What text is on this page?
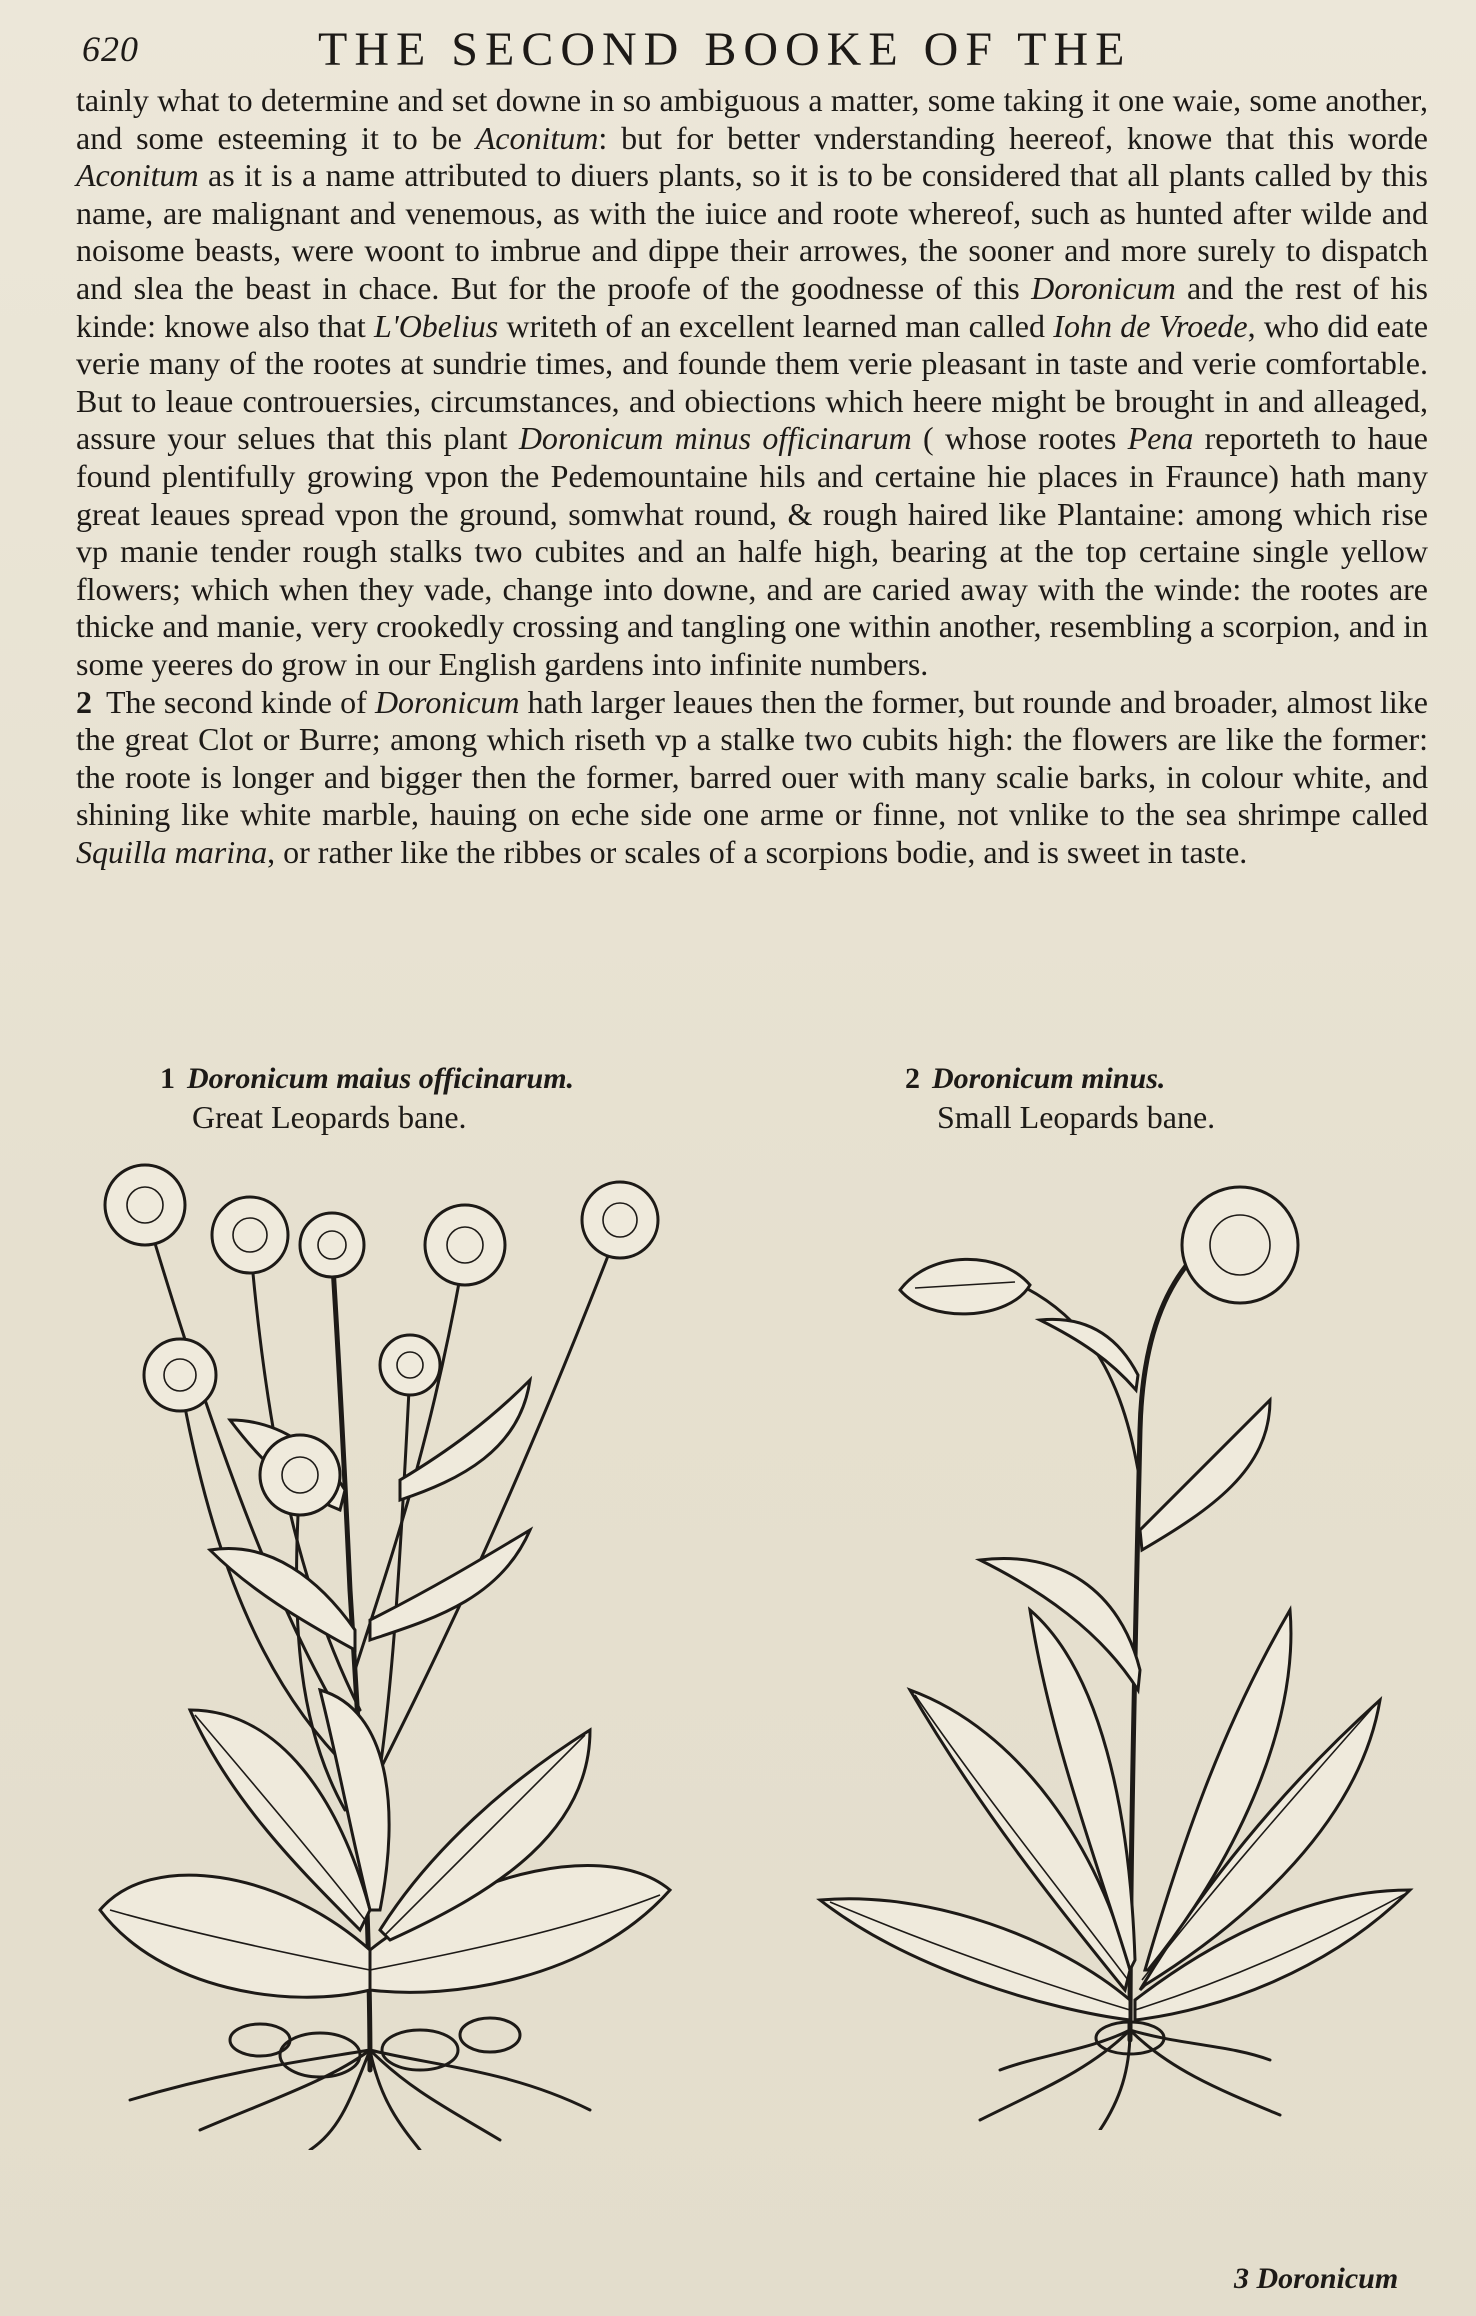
620	THE SECOND BOOKE OF THE

tainly what to determine and set downe in so ambiguous a matter, some taking it one waie, some another, and some esteeming it to be Aconitum: but for better vnderstanding heereof, knowe that this worde Aconitum as it is a name attributed to diuers plants, so it is to be considered that all plants called by this name, are malignant and venemous, as with the iuice and roote whereof, such as hunted after wilde and noisome beasts, were woont to imbrue and dippe their arrowes, the sooner and more surely to dispatch and slea the beast in chace. But for the proofe of the goodnesse of this Doronicum and the rest of his kinde: knowe also that L'Obelius writeth of an excellent learned man called Iohn de Vroede, who did eate verie many of the rootes at sundrie times, and founde them verie pleasant in taste and verie comfortable. But to leaue controuersies, circumstances, and obiections which heere might be brought in and alleaged, assure your selues that this plant Doronicum minus officinarum ( whose rootes Pena reporteth to haue found plentifully growing vpon the Pedemountaine hils and certaine hie places in Fraunce) hath many great leaues spread vpon the ground, somwhat round, & rough haired like Plantaine: among which rise vp manie tender rough stalks two cubites and an halfe high, bearing at the top certaine single yellow flowers; which when they vade, change into downe, and are caried away with the winde: the rootes are thicke and manie, very crookedly crossing and tangling one within another, resembling a scorpion, and in some yeeres do grow in our English gardens into infinite numbers.

2 The second kinde of Doronicum hath larger leaues then the former, but rounde and broader, almost like the great Clot or Burre; among which riseth vp a stalke two cubits high: the flowers are like the former: the roote is longer and bigger then the former, barred ouer with many scalie barks, in colour white, and shining like white marble, hauing on eche side one arme or finne, not vnlike to the sea shrimpe called Squilla marina, or rather like the ribbes or scales of a scorpions bodie, and is sweet in taste.

1 Doronicum maius officinarum.
Great Leopards bane.
2 Doronicum minus.
Small Leopards bane.
3 Doronicum
